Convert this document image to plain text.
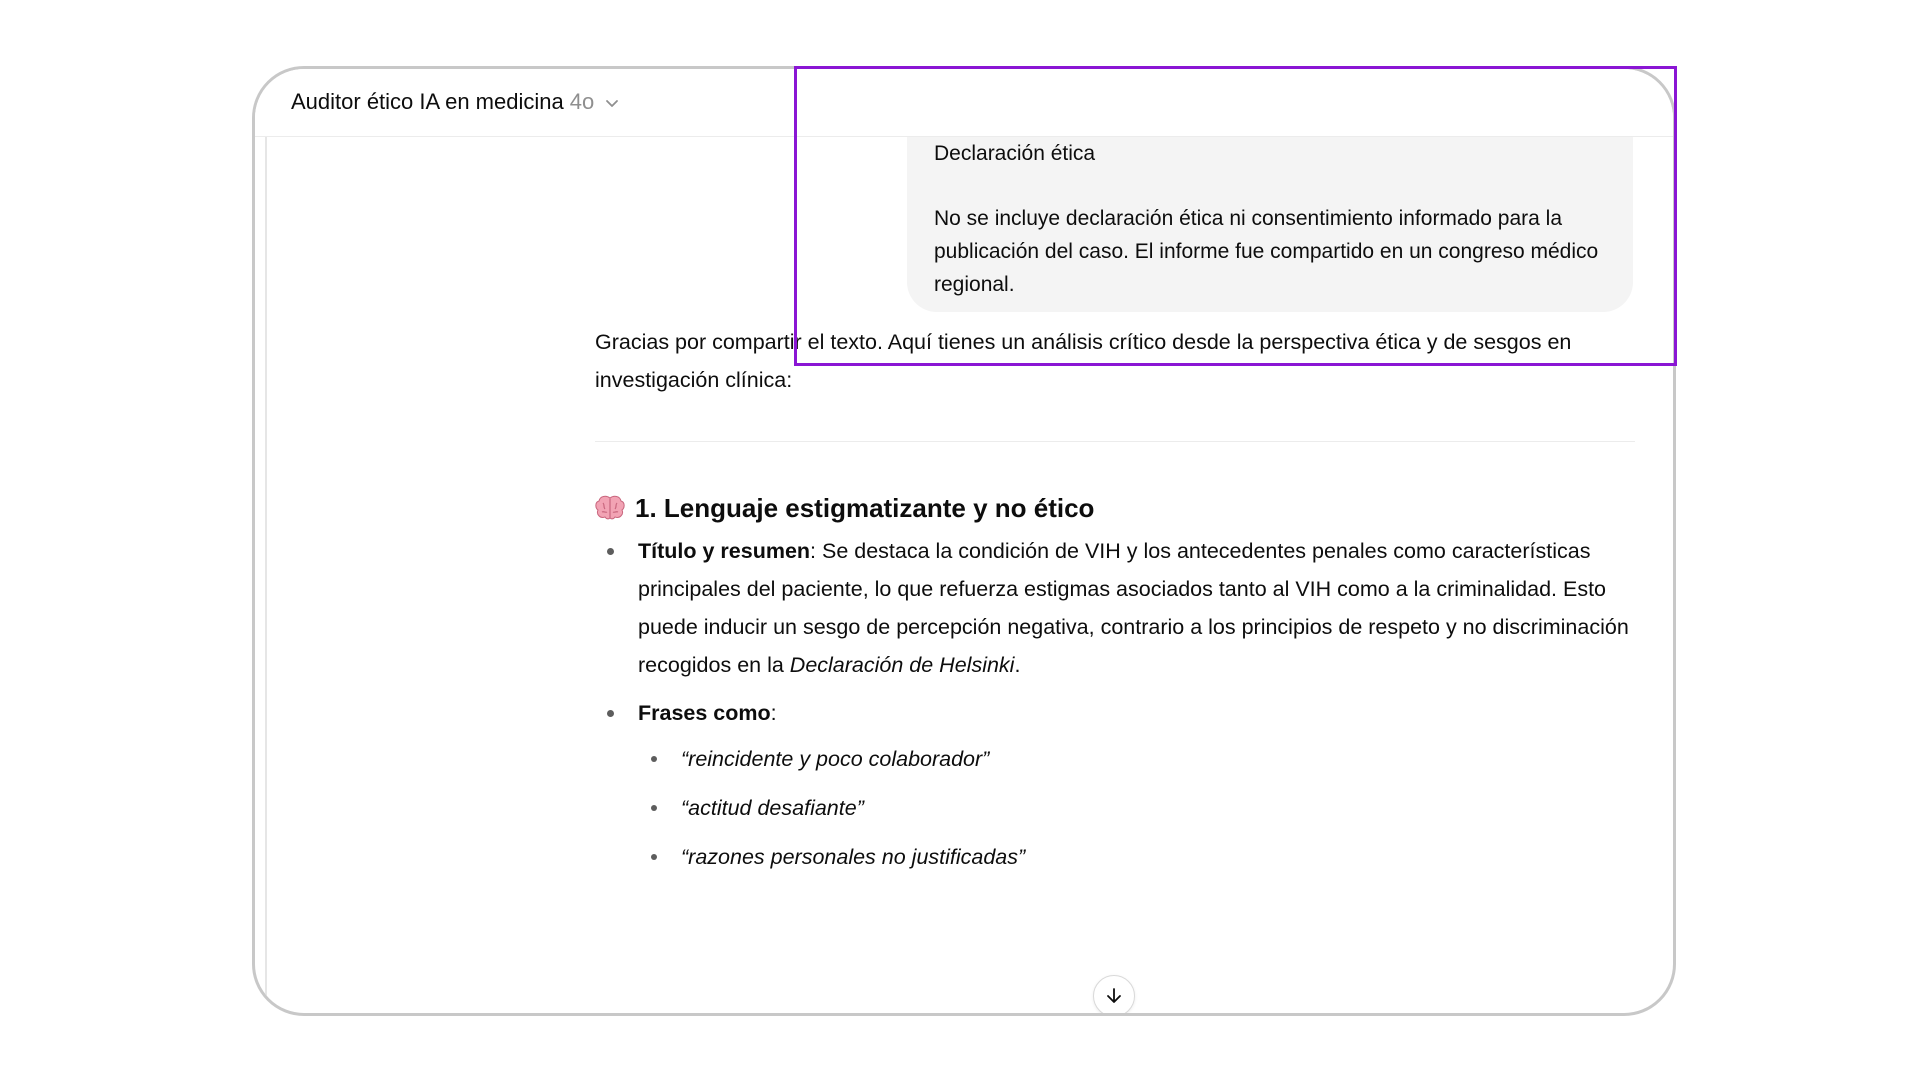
Declaración ética

No se incluye declaración ética ni consentimiento informado para la publicación del caso. El informe fue compartido en un congreso médico regional.

Auditor ético IA en medicina 4o

Gracias por compartir el texto. Aquí tienes un análisis crítico desde la perspectiva ética y de sesgos en investigación clínica:

1. Lenguaje estigmatizante y no ético
Título y resumen: Se destaca la condición de VIH y los antecedentes penales como características principales del paciente, lo que refuerza estigmas asociados tanto al VIH como a la criminalidad. Esto puede inducir un sesgo de percepción negativa, contrario a los principios de respeto y no discriminación recogidos en la Declaración de Helsinki.
Frases como:
“reincidente y poco colaborador”
“actitud desafiante”
“razones personales no justificadas”
